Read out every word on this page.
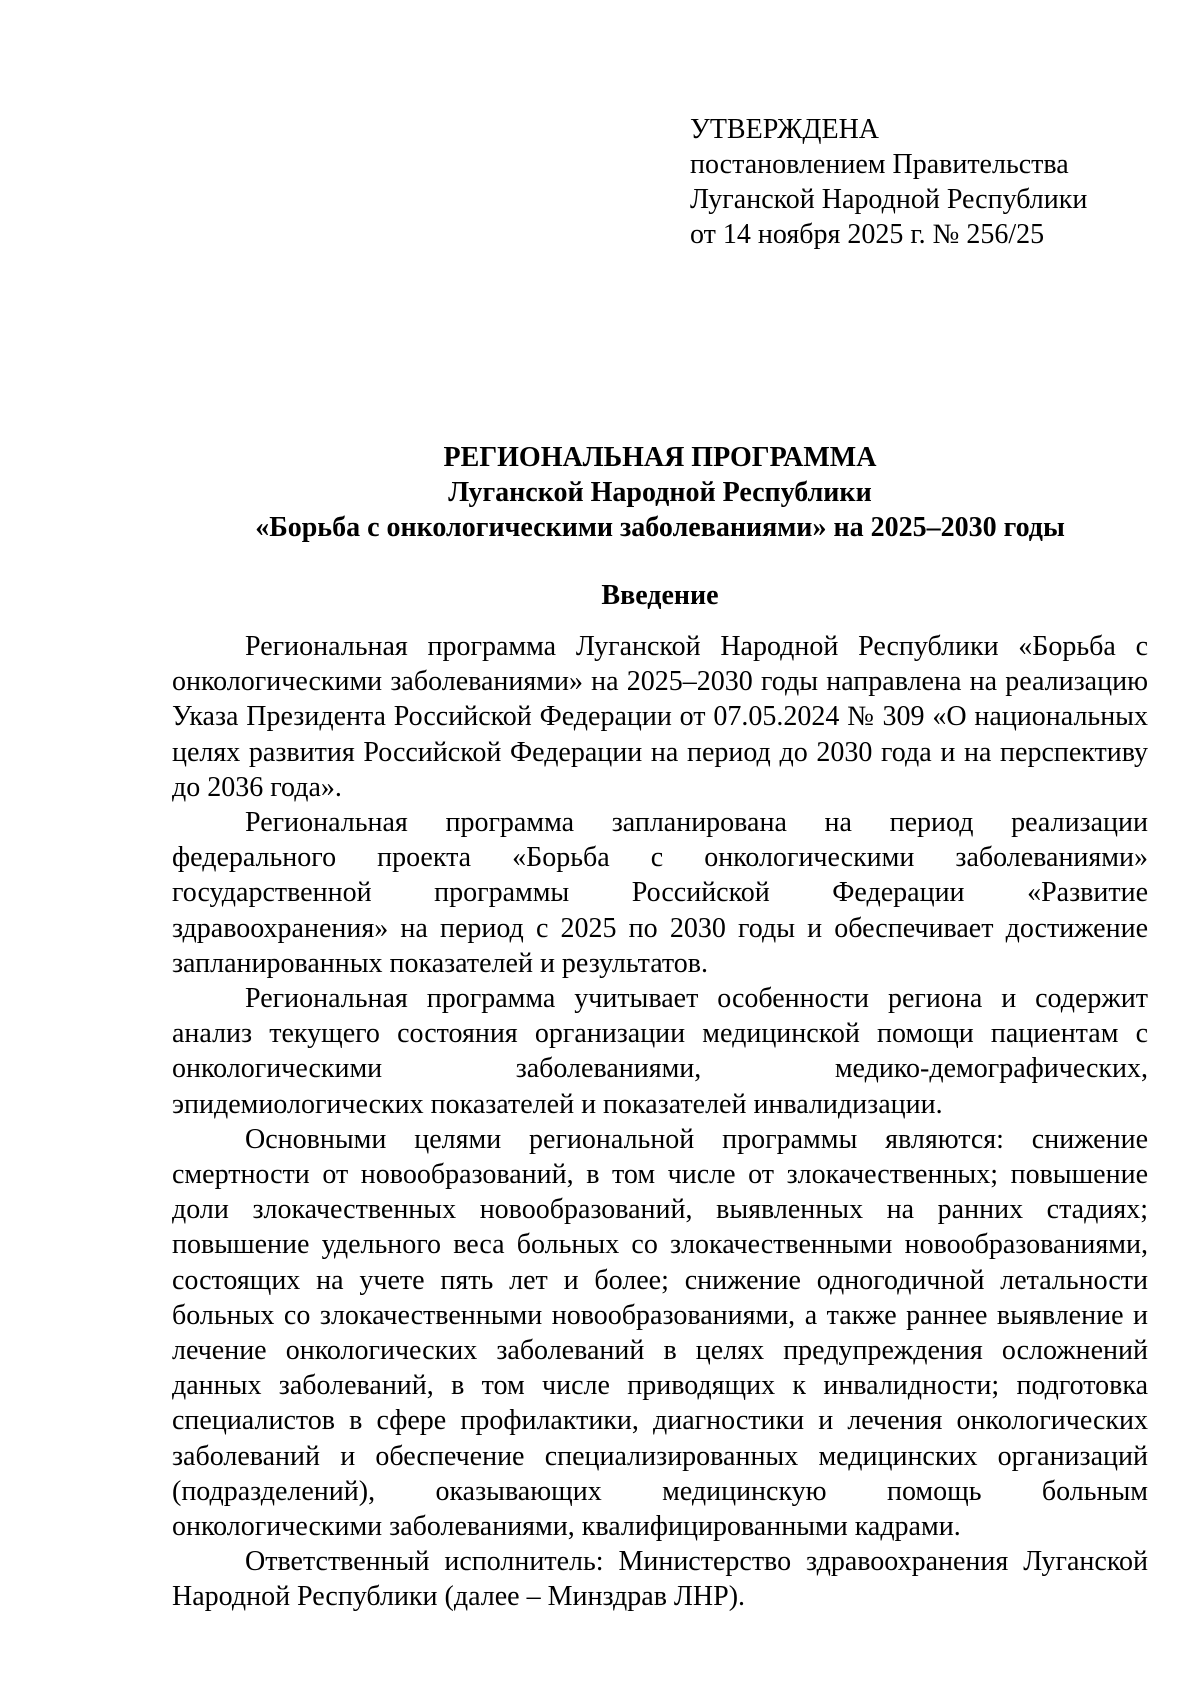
УТВЕРЖДЕНА
постановлением Правительства
Луганской Народной Республики
от 14 ноября 2025 г. № 256/25
РЕГИОНАЛЬНАЯ ПРОГРАММА
Луганской Народной Республики
«Борьба с онкологическими заболеваниями» на 2025–2030 годы
Введение

Региональная программа Луганской Народной Республики «Борьба с онкологическими заболеваниями» на 2025–2030 годы направлена на реализацию Указа Президента Российской Федерации от 07.05.2024 № 309 «О национальных целях развития Российской Федерации на период до 2030 года и на перспективу до 2036 года».

Региональная программа запланирована на период реализации федерального проекта «Борьба с онкологическими заболеваниями» государственной программы Российской Федерации «Развитие здравоохранения» на период с 2025 по 2030 годы и обеспечивает достижение запланированных показателей и результатов.

Региональная программа учитывает особенности региона и содержит анализ текущего состояния организации медицинской помощи пациентам с онкологическими заболеваниями, медико-демографических, эпидемиологических показателей и показателей инвалидизации.

Основными целями региональной программы являются: снижение смертности от новообразований, в том числе от злокачественных; повышение доли злокачественных новообразований, выявленных на ранних стадиях; повышение удельного веса больных со злокачественными новообразованиями, состоящих на учете пять лет и более; снижение одногодичной летальности больных со злокачественными новообразованиями, а также раннее выявление и лечение онкологических заболеваний в целях предупреждения осложнений данных заболеваний, в том числе приводящих к инвалидности; подготовка специалистов в сфере профилактики, диагностики и лечения онкологических заболеваний и обеспечение специализированных медицинских организаций (подразделений), оказывающих медицинскую помощь больным онкологическими заболеваниями, квалифицированными кадрами.

Ответственный исполнитель: Министерство здравоохранения Луганской Народной Республики (далее – Минздрав ЛНР).
